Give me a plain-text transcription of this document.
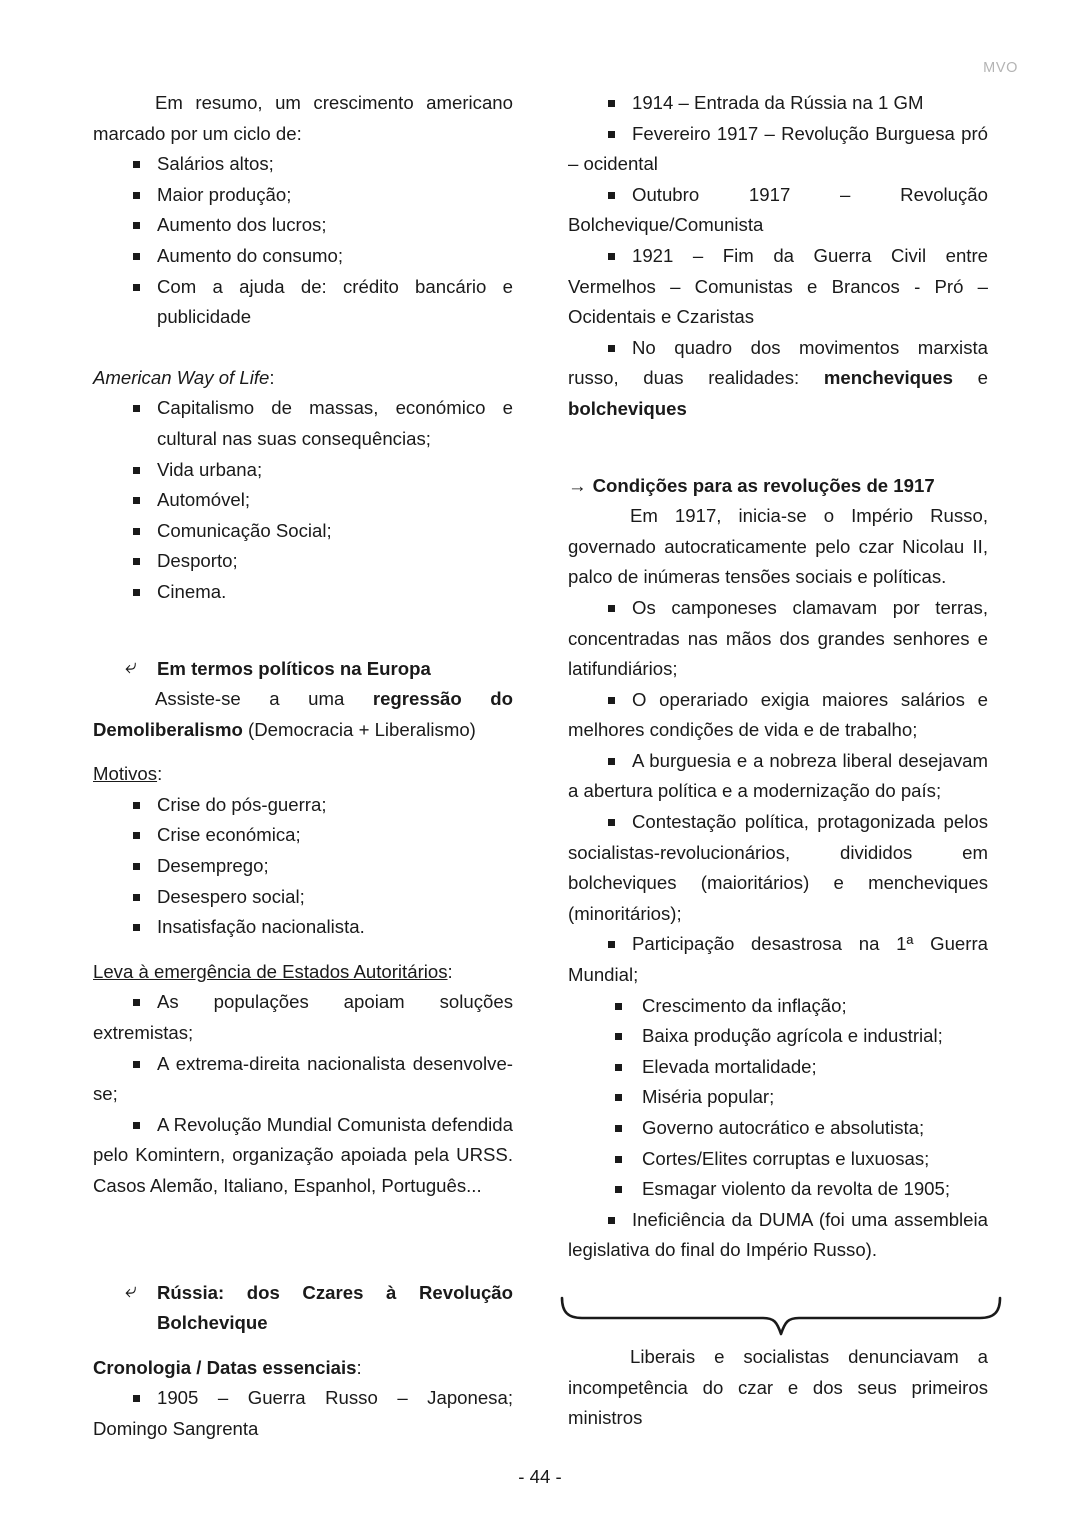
MVO

Em resumo, um crescimento americano marcado por um ciclo de:

Salários altos;
Maior produção;
Aumento dos lucros;
Aumento do consumo;
Com a ajuda de: crédito bancário e publicidade

American Way of Life:

Capitalismo de massas, económico e cultural nas suas consequências;
Vida urbana;
Automóvel;
Comunicação Social;
Desporto;
Cinema.

⤷ Em termos políticos na Europa

Assiste-se a uma regressão do Demoliberalismo (Democracia + Liberalismo)

Motivos:

Crise do pós-guerra;
Crise económica;
Desemprego;
Desespero social;
Insatisfação nacionalista.

Leva à emergência de Estados Autoritários:

As populações apoiam soluções extremistas;
A extrema-direita nacionalista desenvolve-se;
A Revolução Mundial Comunista defendida pelo Komintern, organização apoiada pela URSS. Casos Alemão, Italiano, Espanhol, Português...

⤷ Rússia: dos Czares à Revolução Bolchevique

Cronologia / Datas essenciais:

1905 – Guerra Russo – Japonesa; Domingo Sangrenta
1914 – Entrada da Rússia na 1 GM
Fevereiro 1917 – Revolução Burguesa pró – ocidental
Outubro 1917 – Revolução Bolchevique/Comunista
1921 – Fim da Guerra Civil entre Vermelhos – Comunistas e Brancos - Pró – Ocidentais e Czaristas
No quadro dos movimentos marxista russo, duas realidades: mencheviques e bolcheviques

→ Condições para as revoluções de 1917

Em 1917, inicia-se o Império Russo, governado autocraticamente pelo czar Nicolau II, palco de inúmeras tensões sociais e políticas.

Os camponeses clamavam por terras, concentradas nas mãos dos grandes senhores e latifundiários;
O operariado exigia maiores salários e melhores condições de vida e de trabalho;
A burguesia e a nobreza liberal desejavam a abertura política e a modernização do país;
Contestação política, protagonizada pelos socialistas-revolucionários, divididos em bolcheviques (maioritários) e mencheviques (minoritários);
Participação desastrosa na 1ª Guerra Mundial;
Crescimento da inflação;
Baixa produção agrícola e industrial;
Elevada mortalidade;
Miséria popular;
Governo autocrático e absolutista;
Cortes/Elites corruptas e luxuosas;
Esmagar violento da revolta de 1905;
Ineficiência da DUMA (foi uma assembleia legislativa do final do Império Russo).

Liberais e socialistas denunciavam a incompetência do czar e dos seus primeiros ministros

- 44 -
